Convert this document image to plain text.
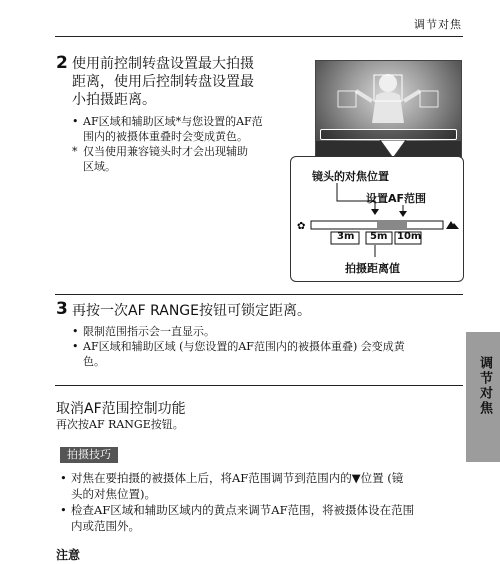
调节对焦
2 使用前控制转盘设置最大拍摄
距离，使用后控制转盘设置最
小拍摄距离。
• AF区域和辅助区域*与您设置的AF范
围内的被摄体重叠时会变成黄色。
* 仅当使用兼容镜头时才会出现辅助
区域。
镜头的对焦位置
设置AF范围
✿
3m 5m 10m
拍摄距离值
3 再按一次AF RANGE按钮可锁定距离。
• 限制范围指示会一直显示。
• AF区域和辅助区域 (与您设置的AF范围内的被摄体重叠) 会变成黄
色。
取消AF范围控制功能
再次按AF RANGE按钮。
调节对焦
拍摄技巧
• 对焦在要拍摄的被摄体上后，将AF范围调节到范围内的▼位置 (镜
头的对焦位置)。
• 检查AF区域和辅助区域内的黄点来调节AF范围，将被摄体设在范围
内或范围外。
注意
